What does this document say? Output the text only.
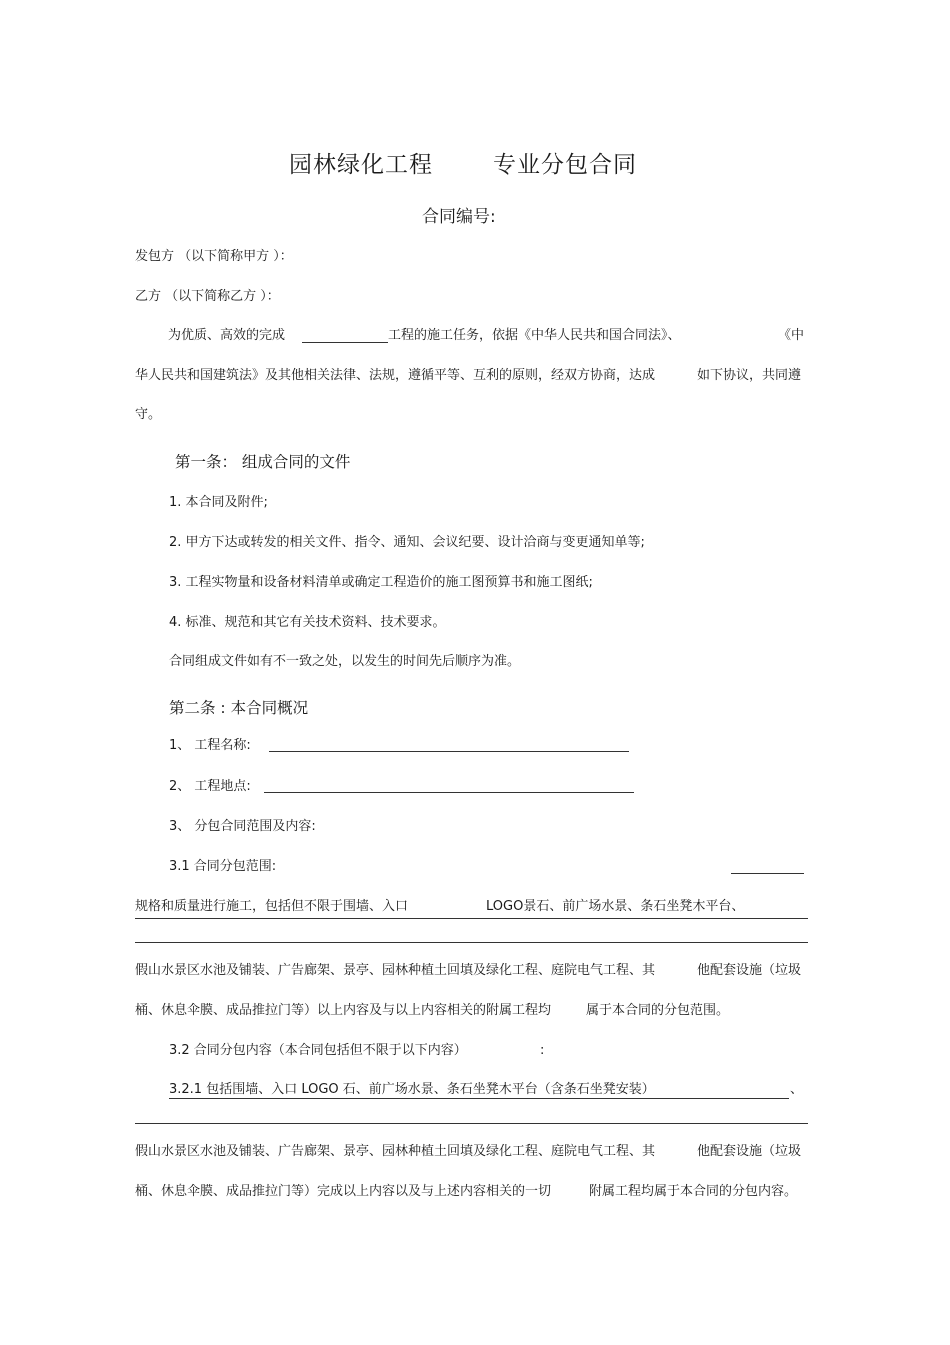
园林绿化工程	专业分包合同
合同编号:
发包方 （以下简称甲方 ）：
乙方 （以下简称乙方 ）：
为优质、高效的完成	工程的施工任务，依据《中华人民共和国合同法》、	《中
华人民共和国建筑法》及其他相关法律、法规，遵循平等、互利的原则，经双方协商，达成	如下协议，共同遵
守。
第一条： 组成合同的文件
1. 本合同及附件;
2. 甲方下达或转发的相关文件、指令、通知、会议纪要、设计洽商与变更通知单等;
3. 工程实物量和设备材料清单或确定工程造价的施工图预算书和施工图纸;
4. 标准、规范和其它有关技术资料、技术要求。
合同组成文件如有不一致之处，以发生的时间先后顺序为准。
第二条 : 本合同概况
1、 工程名称:
2、 工程地点:
3、 分包合同范围及内容:
3.1 合同分包范围:
规格和质量进行施工，包括但不限于围墙、入口	LOGO景石、前广场水景、条石坐凳木平台、
假山水景区水池及铺装、广告廊架、景亭、园林种植土回填及绿化工程、庭院电气工程、其	他配套设施（垃圾
桶、休息伞膜、成品推拉门等）以上内容及与以上内容相关的附属工程均	属于本合同的分包范围。
3.2 合同分包内容（本合同包括但不限于以下内容）	:
3.2.1 包括围墙、入口 LOGO 石、前广场水景、条石坐凳木平台（含条石坐凳安装）	、
假山水景区水池及铺装、广告廊架、景亭、园林种植土回填及绿化工程、庭院电气工程、其	他配套设施（垃圾
桶、休息伞膜、成品推拉门等）完成以上内容以及与上述内容相关的一切	附属工程均属于本合同的分包内容。
